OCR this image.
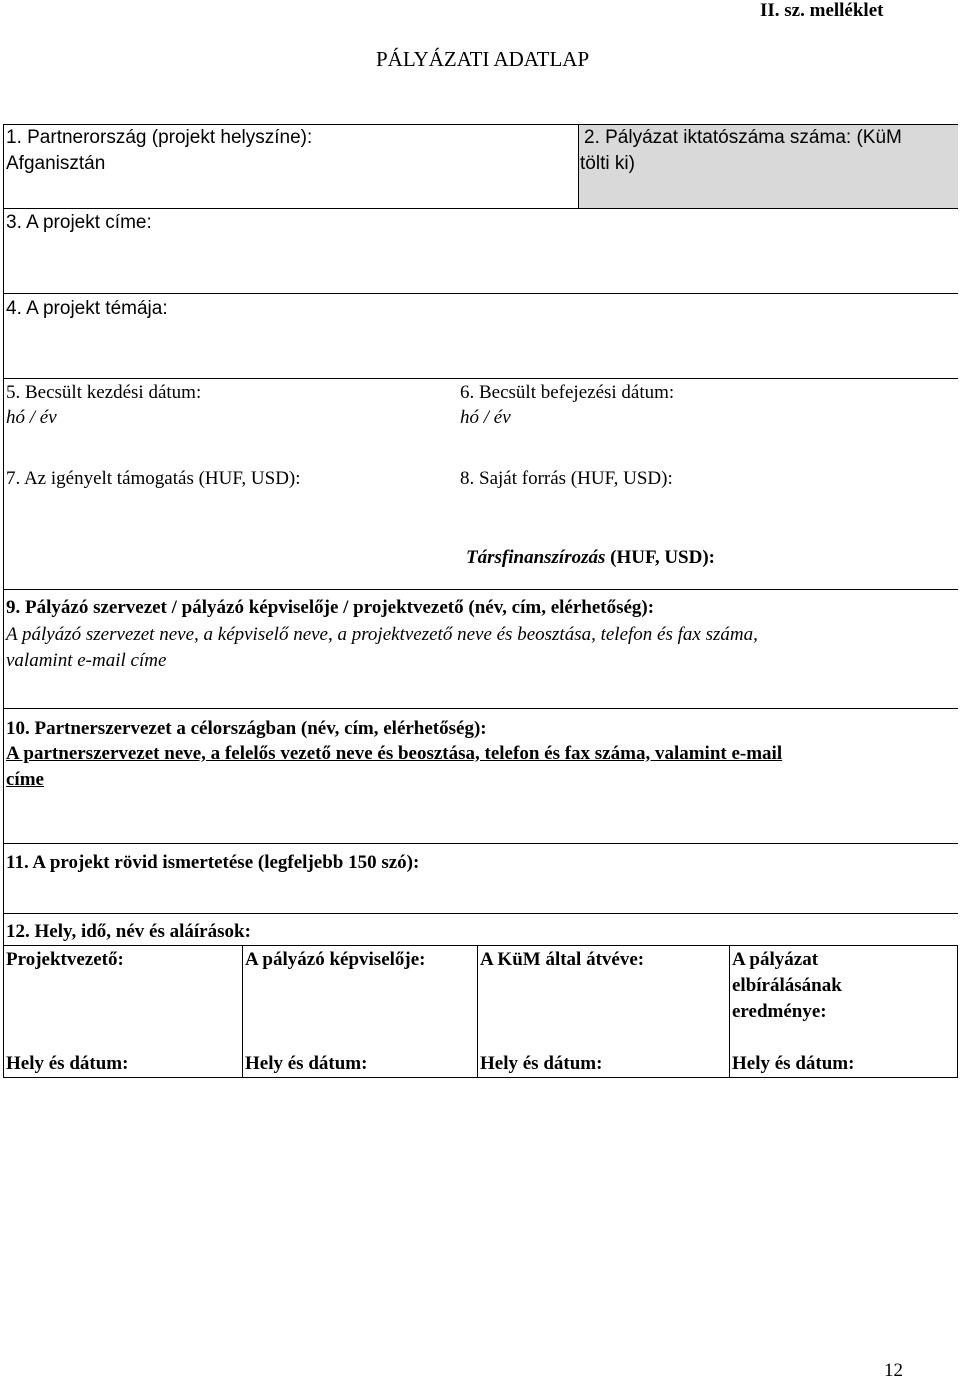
II. sz. melléklet
PÁLYÁZATI ADATLAP
1. Partnerország (projekt helyszíne):
Afganisztán
2. Pályázat iktatószáma száma: (KüM
tölti ki)
3. A projekt címe:
4. A projekt témája:
5. Becsült kezdési dátum:
hó / év
6. Becsült befejezési dátum:
hó / év
7. Az igényelt támogatás (HUF, USD):	8. Saját forrás (HUF, USD):
Társfinanszírozás (HUF, USD):
9. Pályázó szervezet / pályázó képviselője / projektvezető (név, cím, elérhetőség):
A pályázó szervezet neve, a képviselő neve, a projektvezető neve és beosztása, telefon és fax száma,
valamint e-mail címe
10. Partnerszervezet a célországban (név, cím, elérhetőség):
A partnerszervezet neve, a felelős vezető neve és beosztása, telefon és fax száma, valamint e-mail
címe
11. A projekt rövid ismertetése (legfeljebb 150 szó):
12. Hely, idő, név és aláírások:
Projektvezető:	A pályázó képviselője:	A KüM által átvéve:	A pályázat
elbírálásának
eredménye:
Hely és dátum:	Hely és dátum:	Hely és dátum:	Hely és dátum:
12
